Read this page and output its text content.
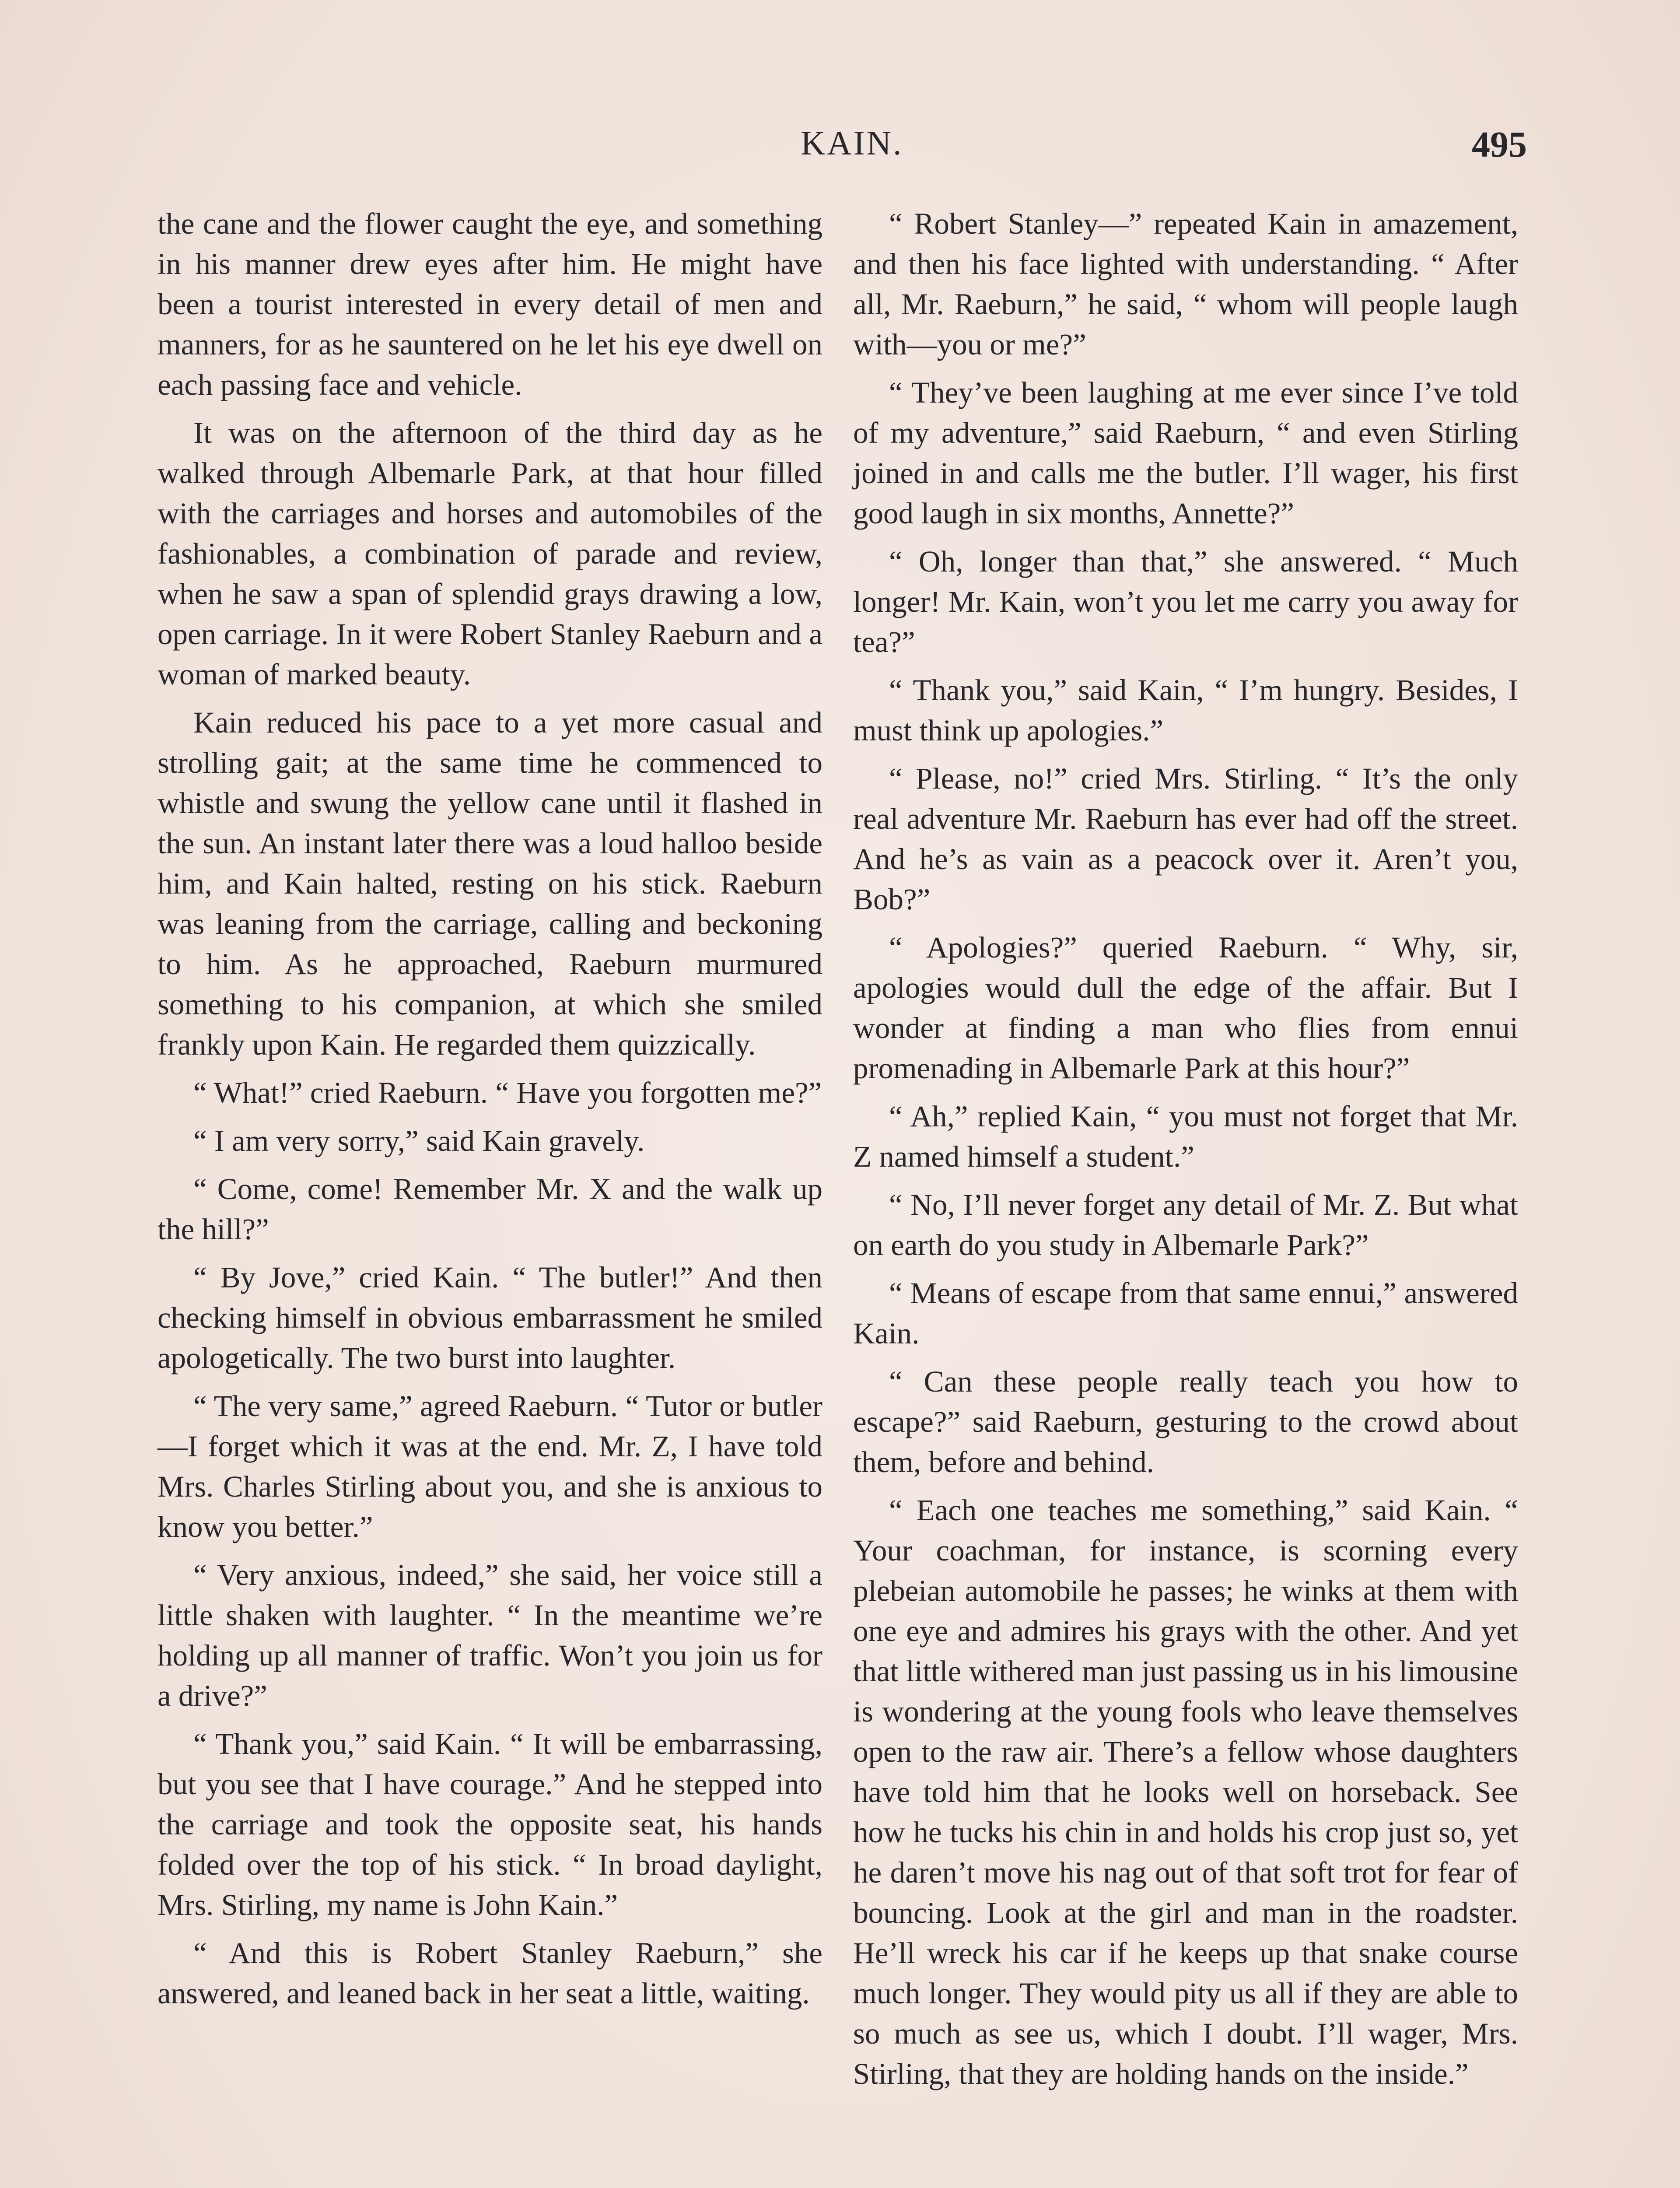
KAIN.	495

the cane and the flower caught the eye, and something in his manner drew eyes after him. He might have been a tourist interested in every detail of men and manners, for as he sauntered on he let his eye dwell on each passing face and vehicle.

It was on the afternoon of the third day as he walked through Albemarle Park, at that hour filled with the carriages and horses and automobiles of the fashionables, a combination of parade and review, when he saw a span of splendid grays drawing a low, open carriage. In it were Robert Stanley Raeburn and a woman of marked beauty.

Kain reduced his pace to a yet more casual and strolling gait; at the same time he commenced to whistle and swung the yellow cane until it flashed in the sun. An instant later there was a loud halloo beside him, and Kain halted, resting on his stick. Raeburn was leaning from the carriage, calling and beckoning to him. As he approached, Raeburn murmured something to his companion, at which she smiled frankly upon Kain. He regarded them quizzically.

“ What!” cried Raeburn. “ Have you forgotten me?”

“ I am very sorry,” said Kain gravely.

“ Come, come! Remember Mr. X and the walk up the hill?”

“ By Jove,” cried Kain. “ The butler!” And then checking himself in obvious embarrassment he smiled apologetically. The two burst into laughter.

“ The very same,” agreed Raeburn. “ Tutor or butler—I forget which it was at the end. Mr. Z, I have told Mrs. Charles Stirling about you, and she is anxious to know you better.”

“ Very anxious, indeed,” she said, her voice still a little shaken with laughter. “ In the meantime we’re holding up all manner of traffic. Won’t you join us for a drive?”

“ Thank you,” said Kain. “ It will be embarrassing, but you see that I have courage.” And he stepped into the carriage and took the opposite seat, his hands folded over the top of his stick. “ In broad daylight, Mrs. Stirling, my name is John Kain.”

“ And this is Robert Stanley Raeburn,” she answered, and leaned back in her seat a little, waiting.

“ Robert Stanley—” repeated Kain in amazement, and then his face lighted with understanding. “ After all, Mr. Raeburn,” he said, “ whom will people laugh with—you or me?”

“ They’ve been laughing at me ever since I’ve told of my adventure,” said Raeburn, “ and even Stirling joined in and calls me the butler. I’ll wager, his first good laugh in six months, Annette?”

“ Oh, longer than that,” she answered. “ Much longer! Mr. Kain, won’t you let me carry you away for tea?”

“ Thank you,” said Kain, “ I’m hungry. Besides, I must think up apologies.”

“ Please, no!” cried Mrs. Stirling. “ It’s the only real adventure Mr. Raeburn has ever had off the street. And he’s as vain as a peacock over it. Aren’t you, Bob?”

“ Apologies?” queried Raeburn. “ Why, sir, apologies would dull the edge of the affair. But I wonder at finding a man who flies from ennui promenading in Albemarle Park at this hour?”

“ Ah,” replied Kain, “ you must not forget that Mr. Z named himself a student.”

“ No, I’ll never forget any detail of Mr. Z. But what on earth do you study in Albemarle Park?”

“ Means of escape from that same ennui,” answered Kain.

“ Can these people really teach you how to escape?” said Raeburn, gesturing to the crowd about them, before and behind.

“ Each one teaches me something,” said Kain. “ Your coachman, for instance, is scorning every plebeian automobile he passes; he winks at them with one eye and admires his grays with the other. And yet that little withered man just passing us in his limousine is wondering at the young fools who leave themselves open to the raw air. There’s a fellow whose daughters have told him that he looks well on horseback. See how he tucks his chin in and holds his crop just so, yet he daren’t move his nag out of that soft trot for fear of bouncing. Look at the girl and man in the roadster. He’ll wreck his car if he keeps up that snake course much longer. They would pity us all if they are able to so much as see us, which I doubt. I’ll wager, Mrs. Stirling, that they are holding hands on the inside.”
